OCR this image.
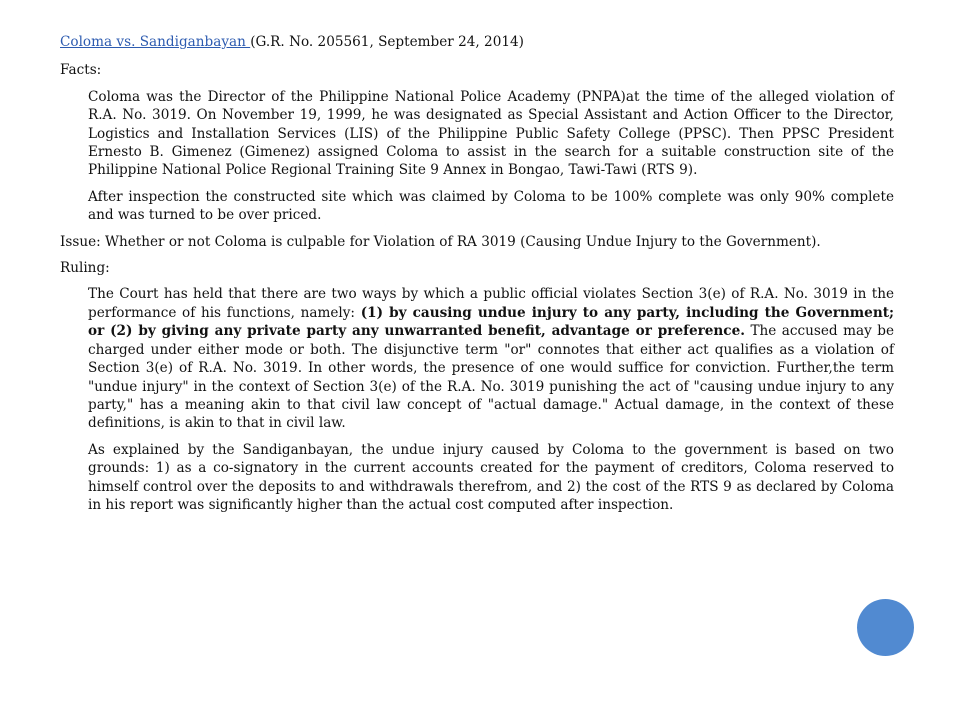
Coloma vs. Sandiganbayan (G.R. No. 205561, September 24, 2014)
Facts:
Coloma was the Director of the Philippine National Police Academy (PNPA)at the time of the alleged violation of R.A. No. 3019. On November 19, 1999, he was designated as Special Assistant and Action Officer to the Director, Logistics and Installation Services (LIS) of the Philippine Public Safety College (PPSC). Then PPSC President Ernesto B. Gimenez (Gimenez) assigned Coloma to assist in the search for a suitable construction site of the Philippine National Police Regional Training Site 9 Annex in Bongao, Tawi-Tawi (RTS 9).
After inspection the constructed site which was claimed by Coloma to be 100% complete was only 90% complete and was turned to be over priced.
Issue: Whether or not Coloma is culpable for Violation of RA 3019 (Causing Undue Injury to the Government).
Ruling:
The Court has held that there are two ways by which a public official violates Section 3(e) of R.A. No. 3019 in the performance of his functions, namely: (1) by causing undue injury to any party, including the Government; or (2) by giving any private party any unwarranted benefit, advantage or preference. The accused may be charged under either mode or both. The disjunctive term "or" connotes that either act qualifies as a violation of Section 3(e) of R.A. No. 3019. In other words, the presence of one would suffice for conviction. Further,the term "undue injury" in the context of Section 3(e) of the R.A. No. 3019 punishing the act of "causing undue injury to any party," has a meaning akin to that civil law concept of "actual damage." Actual damage, in the context of these definitions, is akin to that in civil law.
As explained by the Sandiganbayan, the undue injury caused by Coloma to the government is based on two grounds: 1) as a co-signatory in the current accounts created for the payment of creditors, Coloma reserved to himself control over the deposits to and withdrawals therefrom, and 2) the cost of the RTS 9 as declared by Coloma in his report was significantly higher than the actual cost computed after inspection.
